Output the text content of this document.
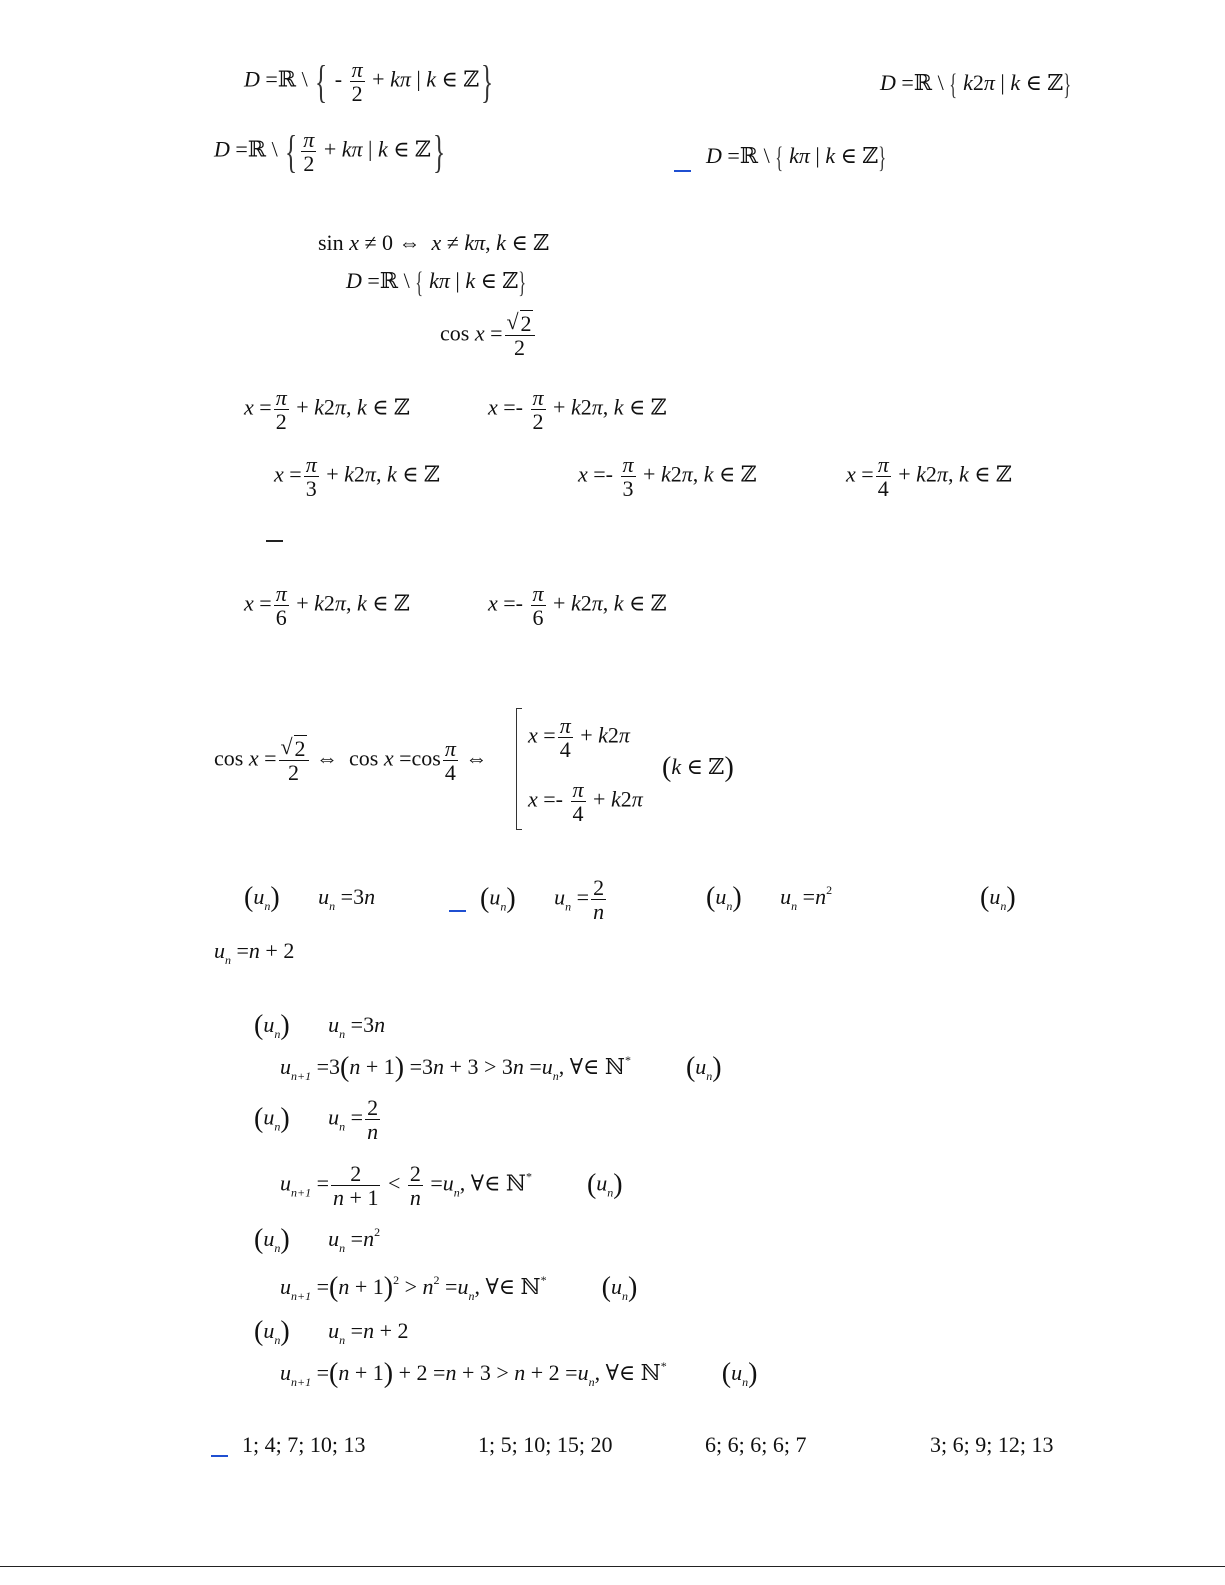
D =ℝ \ { - $\frac{\pi}{2} + k\pi$ | k ∈ ℤ}	D =ℝ \ { k2π | k ∈ ℤ}
D =ℝ \ { $\frac{\pi}{2} + k\pi$ | k ∈ ℤ}	D =ℝ \ { kπ | k ∈ ℤ}
sin x ≠ 0 ⇔  x ≠ kπ, k ∈ ℤ
D =ℝ \ { kπ | k ∈ ℤ}
cos x = √ $\frac{2}{2}$
$x = \frac{\pi}{2} + k2\pi$, k ∈ ℤ	$x =- \frac{\pi}{2} + k2\pi$, k ∈ ℤ
$x = \frac{\pi}{3} + k2\pi$, k ∈ ℤ	$x =- \frac{\pi}{3} + k2\pi$, k ∈ ℤ	$x = \frac{\pi}{4} + k2\pi$, k ∈ ℤ
$x = \frac{\pi}{6} + k2\pi$, k ∈ ℤ	$x =- \frac{\pi}{6} + k2\pi$, k ∈ ℤ
cos x = √ $\frac{2}{2}$ ⇔  $\cos x =\cos \frac{\pi}{4}$ ⇔
$x = \frac{\pi}{4} + k2\pi$
$x =- \frac{\pi}{4} + k2\pi$
(k ∈ ℤ)
$(u_n)$ $u_n =3n$	$(u_n) u_n = \frac{2}{n}$	$(u_n)$ $u_n =n^2$	$(u_n)$
$u_n =n + 2$
$(u_n)$ $u_n =3n$
$u_{n+1} =3(n + 1) =3n + 3 > 3n =u_n$, ∀∈ ℕ* $(u_n)$
$(u_n) u_n = \frac{2}{n}$
$u_{n+1} = \frac{2}{n + 1} < \frac{2}{n} =u_n$, ∀∈ ℕ* $(u_n)$
$(u_n)$ $u_n =n^2$
$u_{n+1} =(n + 1)^2 > n^2 =u_n$, ∀∈ ℕ* $(u_n)$
$(u_n)$ $u_n =n + 2$
$u_{n+1} =(n + 1) + 2 =n + 3 > n + 2 =u_n$, ∀∈ ℕ* $(u_n)$
1; 4; 7; 10; 13	1; 5; 10; 15; 20	6; 6; 6; 6; 7	3; 6; 9; 12; 13
